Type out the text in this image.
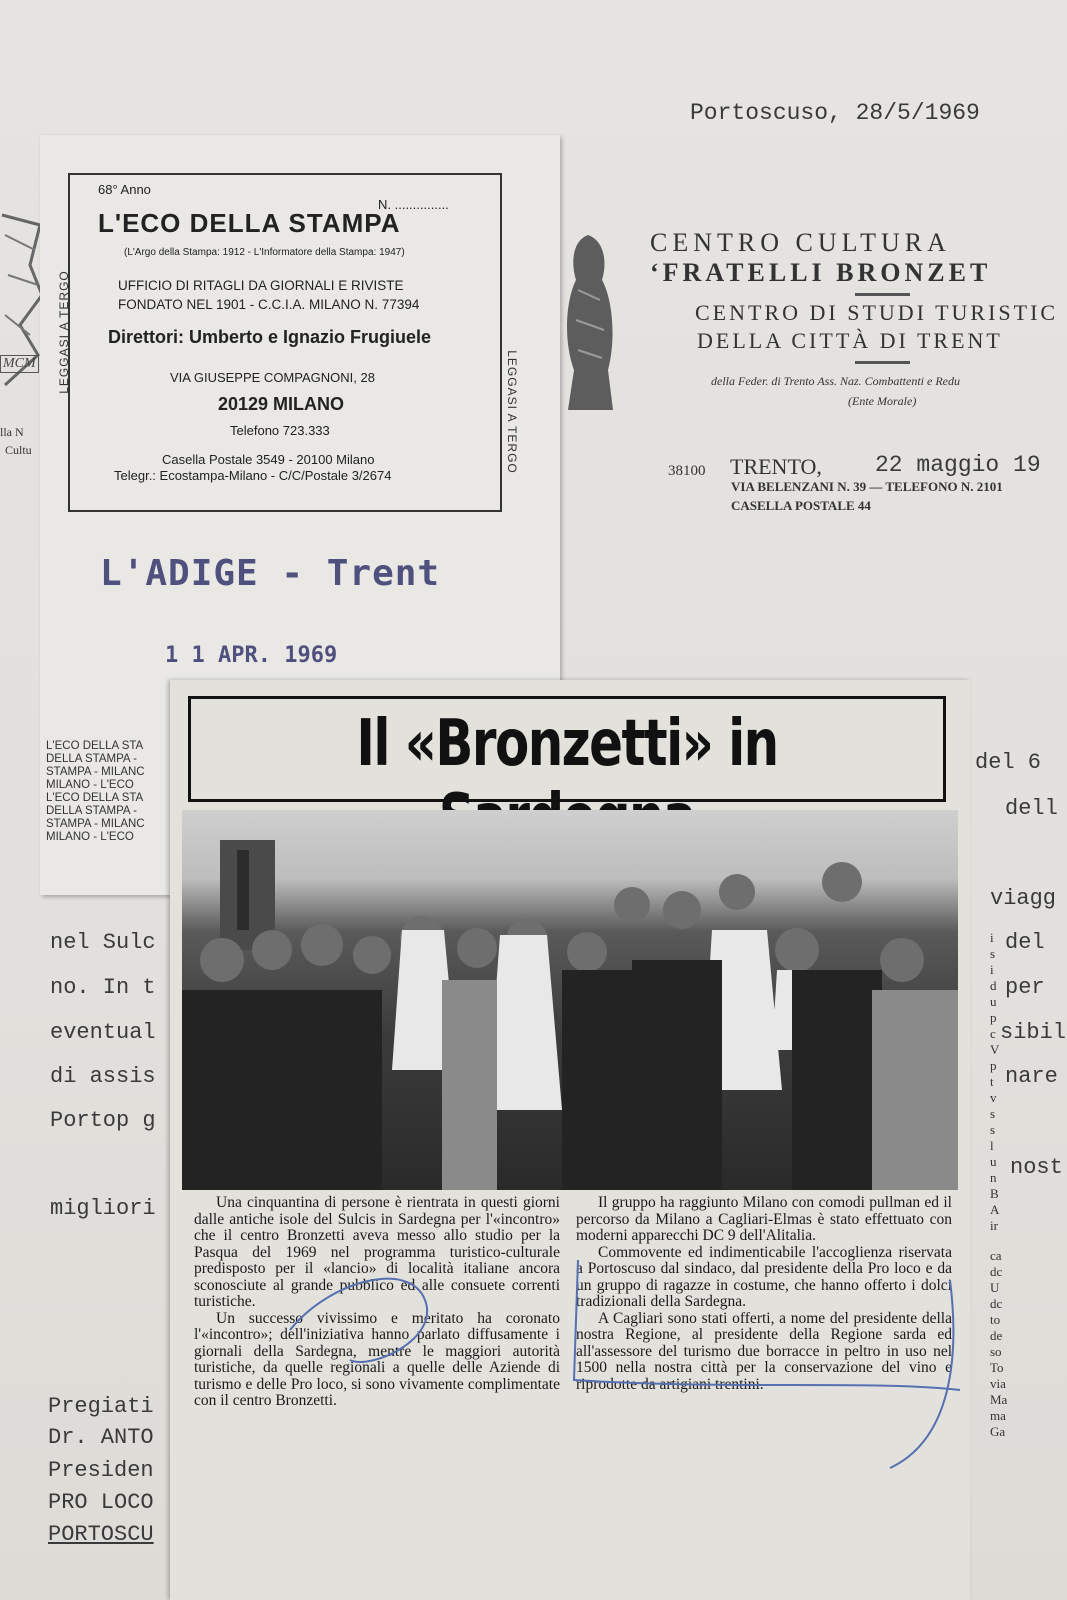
Portoscuso, 28/5/1969
MCM
lla N
Cultu
CENTRO CULTURA
‘FRATELLI BRONZET
CENTRO DI STUDI TURISTIC
DELLA CITTÀ DI TRENT
della Feder. di Trento Ass. Naz. Combattenti e Redu
(Ente Morale)
38100 TRENTO, 22 maggio 19
VIA BELENZANI N. 39 — TELEFONO N. 2101
CASELLA POSTALE 44
nel Sulc
no. In t
eventual
di assis
Portop g
migliori
Pregiati
Dr. ANTO
Presiden
PRO LOCO
PORTOSCU
del 6
dell
viagg
del
per
sibil
nare
nost
LEGGASI A TERGO
LEGGASI A TERGO
68° Anno
N. ...............
L'ECO DELLA STAMPA
(L'Argo della Stampa: 1912 - L'Informatore della Stampa: 1947)
UFFICIO DI RITAGLI DA GIORNALI E RIVISTE
FONDATO NEL 1901 - C.C.I.A. MILANO N. 77394
Direttori: Umberto e Ignazio Frugiuele
VIA GIUSEPPE COMPAGNONI, 28
20129 MILANO
Telefono 723.333
Casella Postale 3549 - 20100 Milano
Telegr.: Ecostampa-Milano - C/C/Postale 3/2674
L'ADIGE - Trent
1 1 APR. 1969
L'ECO DELLA STA
DELLA STAMPA -
STAMPA - MILANC
MILANO - L'ECO
L'ECO DELLA STA
DELLA STAMPA -
STAMPA - MILANC
MILANO - L'ECO
Il «Bronzetti» in

Una cinquantina di persone è rientrata in questi giorni dalle antiche isole del Sulcis in Sardegna per l'«incontro» che il centro Bronzetti aveva messo allo studio per la Pasqua del 1969 nel programma turistico-culturale predisposto per il «lancio» di località italiane ancora sconosciute al grande pubblico ed alle consuete correnti turistiche.

Un successo vivissimo e meritato ha coronato l'«incontro»; dell'iniziativa hanno parlato diffusamente i giornali della Sardegna, mentre le maggiori autorità turistiche, da quelle regionali a quelle delle Aziende di turismo e delle Pro loco, si sono vivamente complimentate con il centro Bronzetti.

Il gruppo ha raggiunto Milano con comodi pullman ed il percorso da Milano a Cagliari-Elmas è stato effettuato con moderni apparecchi DC 9 dell'Alitalia.

Commovente ed indimenticabile l'accoglienza riservata a Portoscuso dal sindaco, dal presidente della Pro loco e da un gruppo di ragazze in costume, che hanno offerto i dolci tradizionali della Sardegna.

A Cagliari sono stati offerti, a nome del presidente della nostra Regione, al presidente della Regione sarda ed all'assessore del turismo due borracce in peltro in uso nel 1500 nella nostra città per la conservazione del vino e riprodotte da artigiani trentini.

i
s
i
d
u
p
c
V
p
t
v
s
s
l
u
n
B
A
ir
ca
dc
U
dc
to
de
so
To
via
Ma
ma
Ga
